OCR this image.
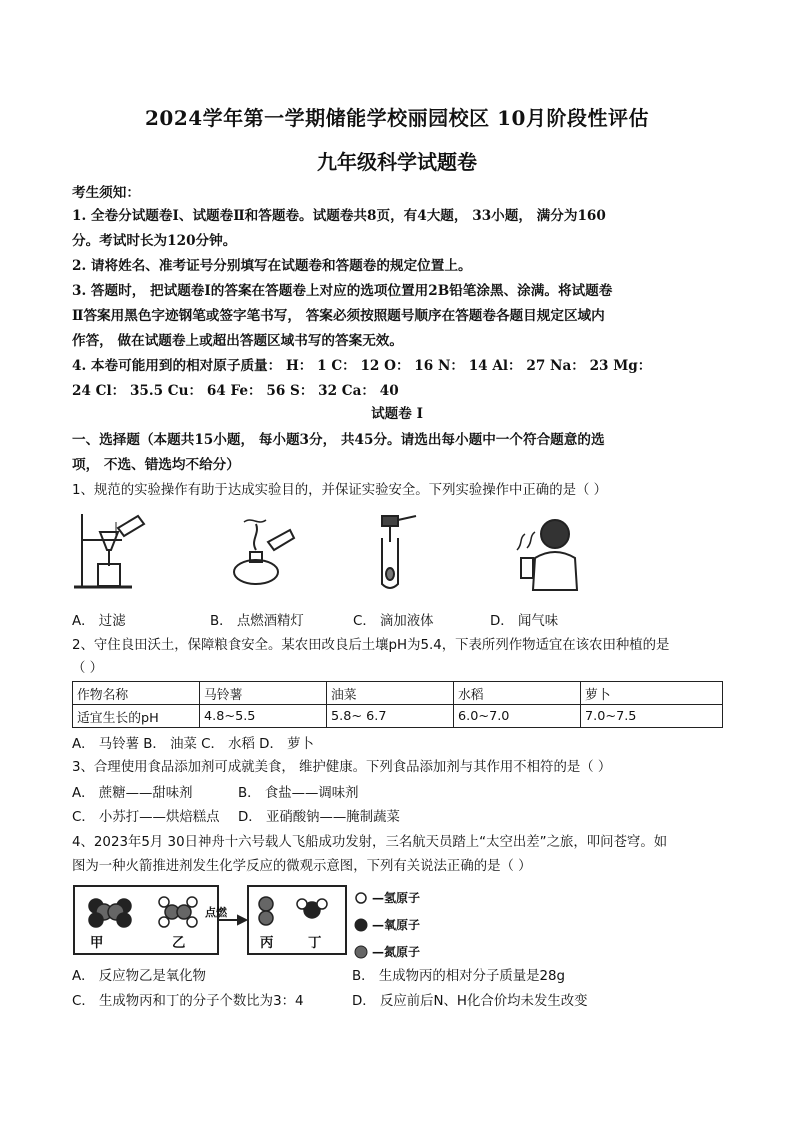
2024学年第一学期储能学校丽园校区 10月阶段性评估
九年级科学试题卷
考生须知：
1. 全卷分试题卷Ⅰ、试题卷Ⅱ和答题卷。试题卷共8页，有4大题， 33小题， 满分为160
分。考试时长为120分钟。
2. 请将姓名、准考证号分别填写在试题卷和答题卷的规定位置上。
3. 答题时， 把试题卷Ⅰ的答案在答题卷上对应的选项位置用2B铅笔涂黑、涂满。将试题卷
Ⅱ答案用黑色字迹钢笔或签字笔书写， 答案必须按照题号顺序在答题卷各题目规定区域内
作答， 做在试题卷上或超出答题区域书写的答案无效。
4. 本卷可能用到的相对原子质量： H： 1 C： 12 O： 16 N： 14 Al： 27 Na： 23 Mg：
24 Cl： 35.5 Cu： 64 Fe： 56 S： 32 Ca： 40
试题卷 Ⅰ
一、选择题（本题共15小题， 每小题3分， 共45分。请选出每小题中一个符合题意的选
项， 不选、错选均不给分）
1、规范的实验操作有助于达成实验目的，并保证实验安全。下列实验操作中正确的是（ ）
A． 过滤	B． 点燃酒精灯	C． 滴加液体	D． 闻气味
2、守住良田沃土，保障粮食安全。某农田改良后土壤pH为5.4，下表所列作物适宜在该农田种植的是
（ ）
作物名称	马铃薯	油菜	水稻	萝卜
适宜生长的pH	4.8~5.5	5.8~ 6.7	6.0~7.0	7.0~7.5
A． 马铃薯 B． 油菜 C． 水稻 D． 萝卜
3、合理使用食品添加剂可成就美食， 维护健康。下列食品添加剂与其作用不相符的是（ ）
A． 蔗糖——甜味剂	B． 食盐——调味剂
C． 小苏打——烘焙糕点 D． 亚硝酸钠——腌制蔬菜
4、2023年5月 30日神舟十六号载人飞船成功发射，三名航天员踏上“太空出差”之旅，叩问苍穹。如
图为一种火箭推进剂发生化学反应的微观示意图，下列有关说法正确的是（ ）
甲	乙
点燃
丙	丁
—氢原子
—氧原子
—氮原子
A． 反应物乙是氧化物	B． 生成物丙的相对分子质量是28g
C． 生成物丙和丁的分子个数比为3：4	D． 反应前后N、H化合价均未发生改变
